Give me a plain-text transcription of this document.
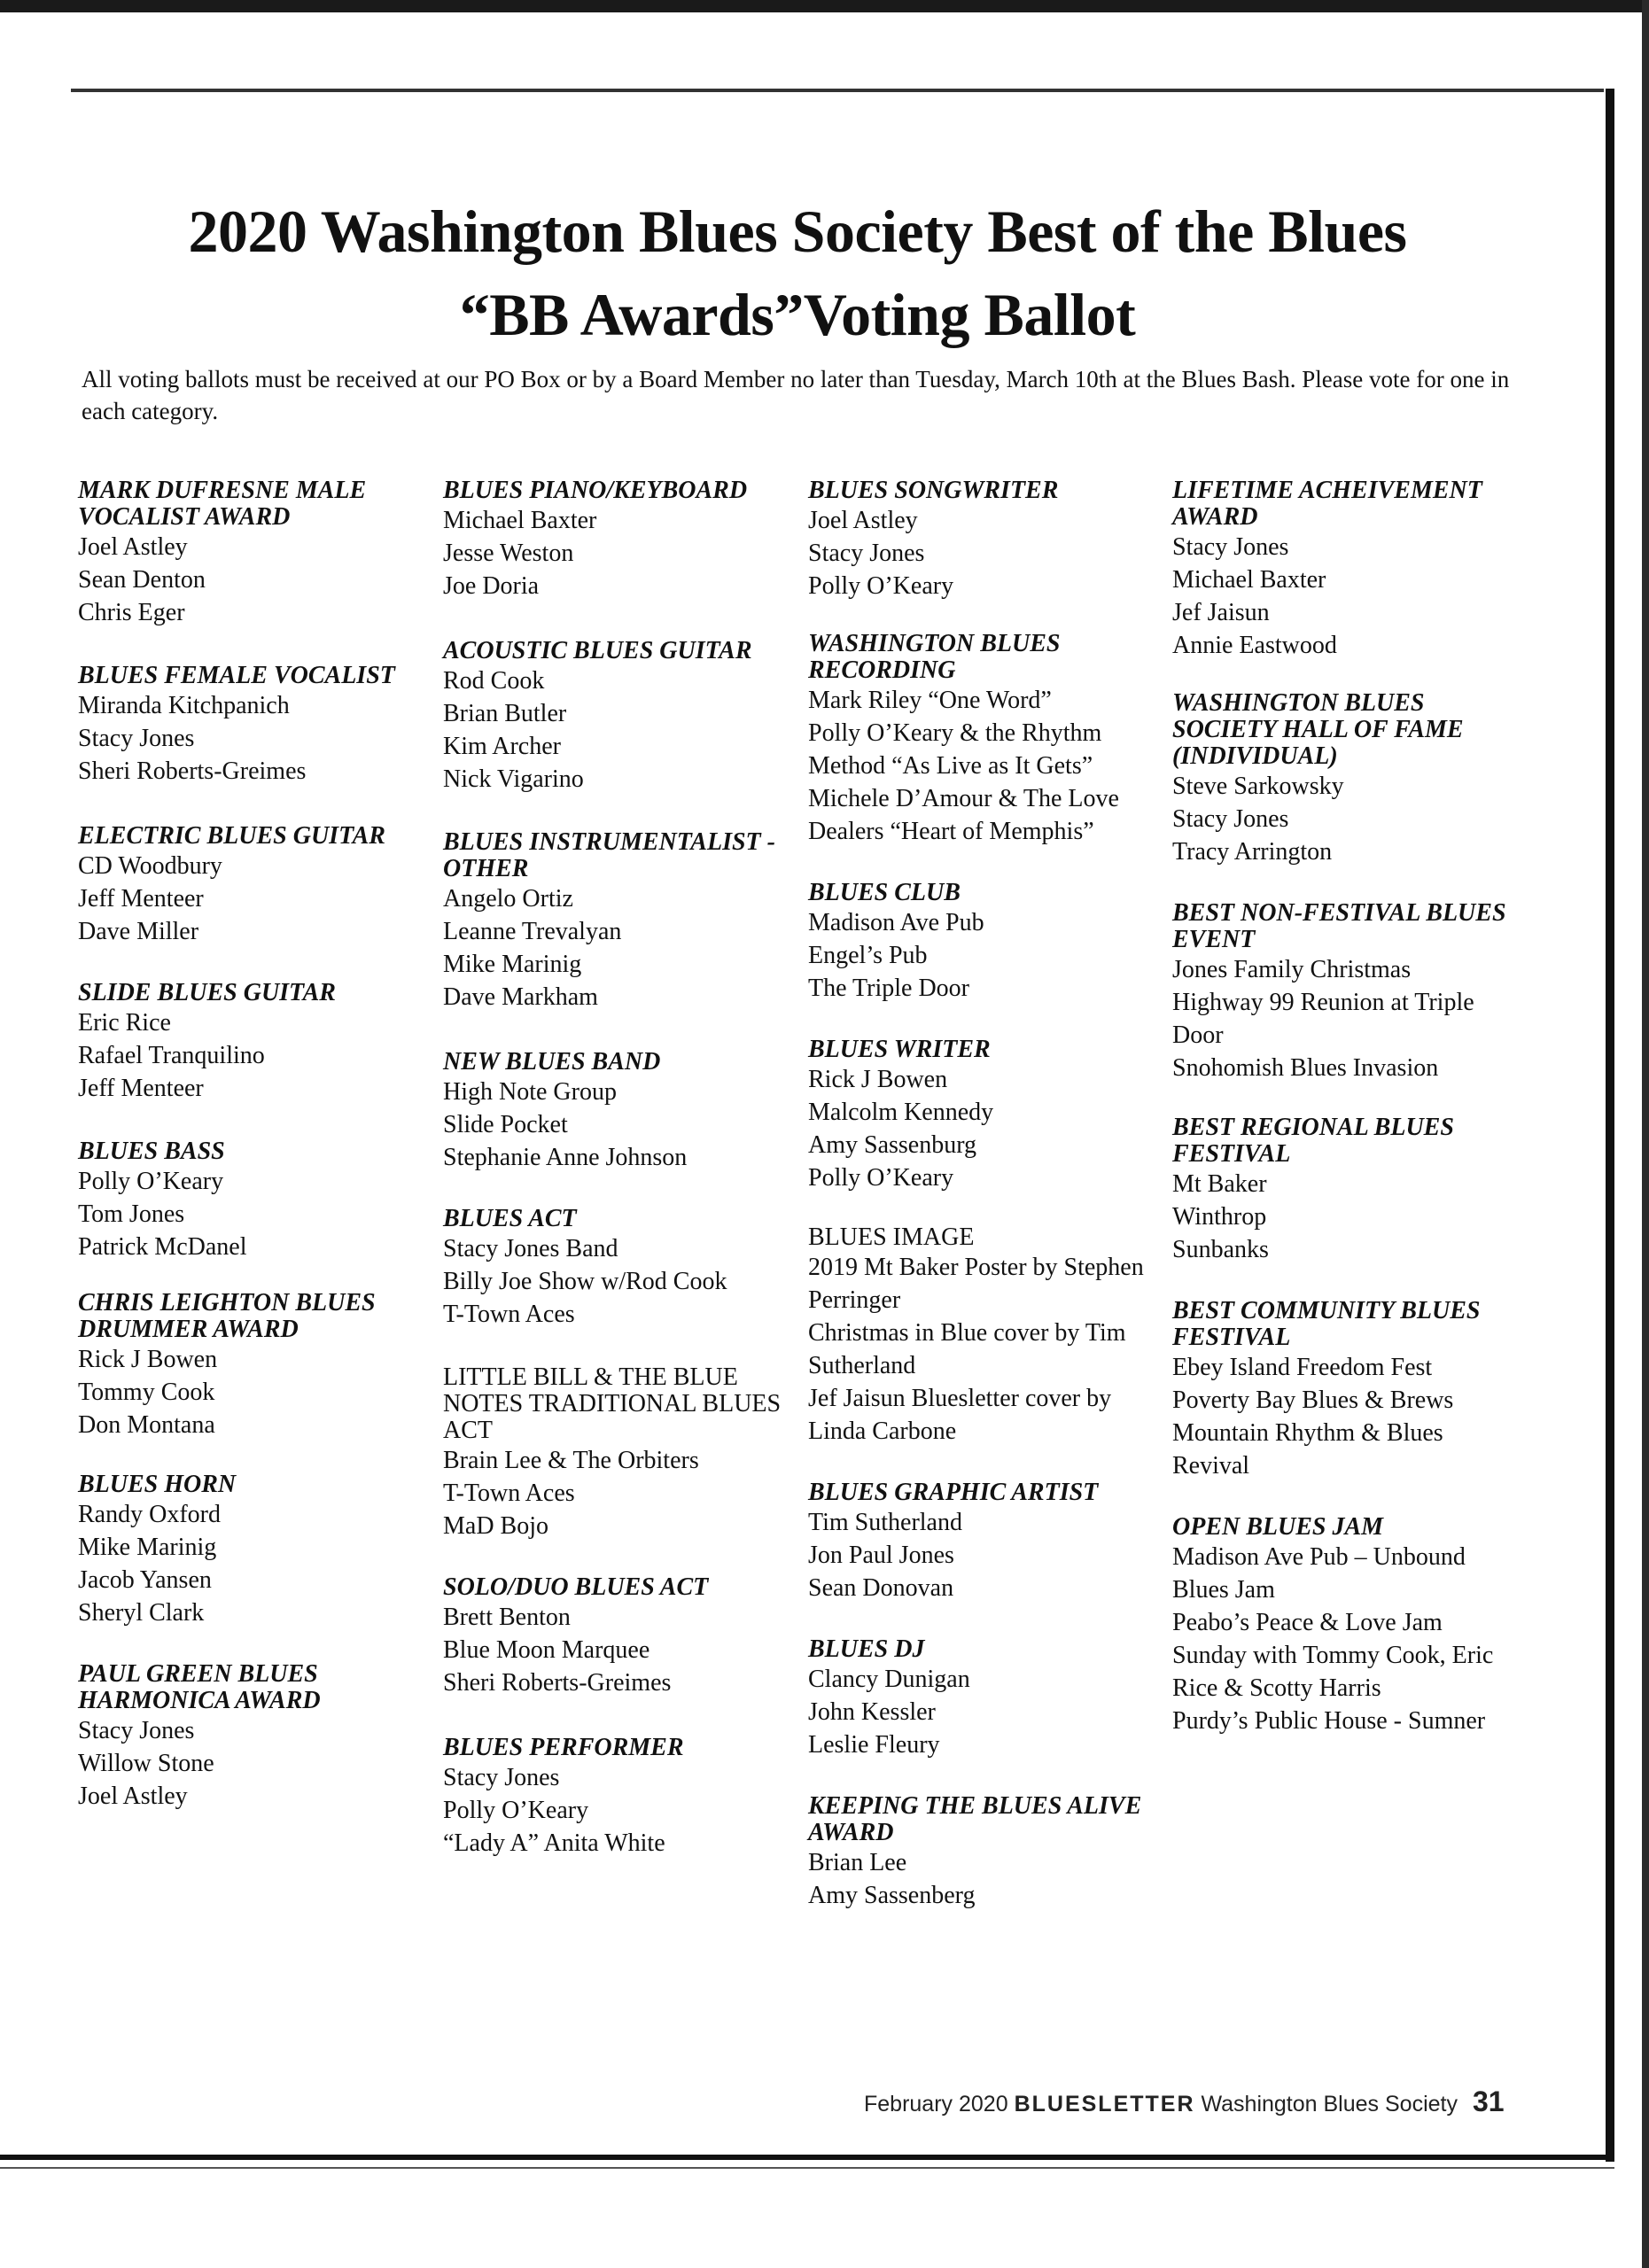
2020 Washington Blues Society Best of the Blues
“BB Awards”Voting Ballot
All voting ballots must be received at our PO Box or by a Board Member no later than Tuesday, March 10th at the Blues Bash. Please vote for one in each category.
MARK DUFRESNE MALE VOCALIST AWARD
Joel Astley
Sean Denton
Chris Eger
BLUES FEMALE VOCALIST
Miranda Kitchpanich
Stacy Jones
Sheri Roberts-Greimes
ELECTRIC BLUES GUITAR
CD Woodbury
Jeff Menteer
Dave Miller
SLIDE BLUES GUITAR
Eric Rice
Rafael Tranquilino
Jeff Menteer
BLUES BASS
Polly O’Keary
Tom Jones
Patrick McDanel
CHRIS LEIGHTON BLUES DRUMMER AWARD
Rick J Bowen
Tommy Cook
Don Montana
BLUES HORN
Randy Oxford
Mike Marinig
Jacob Yansen
Sheryl Clark
PAUL GREEN BLUES HARMONICA AWARD
Stacy Jones
Willow Stone
Joel Astley
BLUES PIANO/KEYBOARD
Michael Baxter
Jesse Weston
Joe Doria
ACOUSTIC BLUES GUITAR
Rod Cook
Brian Butler
Kim Archer
Nick Vigarino
BLUES INSTRUMENTALIST - OTHER
Angelo Ortiz
Leanne Trevalyan
Mike Marinig
Dave Markham
NEW BLUES BAND
High Note Group
Slide Pocket
Stephanie Anne Johnson
BLUES ACT
Stacy Jones Band
Billy Joe Show w/Rod Cook
T-Town Aces
LITTLE BILL & THE BLUE NOTES TRADITIONAL BLUES ACT
Brain Lee & The Orbiters
T-Town Aces
MaD Bojo
SOLO/DUO BLUES ACT
Brett Benton
Blue Moon Marquee
Sheri Roberts-Greimes
BLUES PERFORMER
Stacy Jones
Polly O’Keary
“Lady A” Anita White
BLUES SONGWRITER
Joel Astley
Stacy Jones
Polly O’Keary
WASHINGTON BLUES RECORDING
Mark Riley “One Word”
Polly O’Keary & the Rhythm Method “As Live as It Gets”
Michele D’Amour & The Love Dealers “Heart of Memphis”
BLUES CLUB
Madison Ave Pub
Engel’s Pub
The Triple Door
BLUES WRITER
Rick J Bowen
Malcolm Kennedy
Amy Sassenburg
Polly O’Keary
BLUES IMAGE
2019 Mt Baker Poster by Stephen Perringer
Christmas in Blue cover by Tim Sutherland
Jef Jaisun Bluesletter cover by Linda Carbone
BLUES GRAPHIC ARTIST
Tim Sutherland
Jon Paul Jones
Sean Donovan
BLUES DJ
Clancy Dunigan
John Kessler
Leslie Fleury
KEEPING THE BLUES ALIVE AWARD
Brian Lee
Amy Sassenberg
LIFETIME ACHEIVEMENT AWARD
Stacy Jones
Michael Baxter
Jef Jaisun
Annie Eastwood
WASHINGTON BLUES SOCIETY HALL OF FAME (INDIVIDUAL)
Steve Sarkowsky
Stacy Jones
Tracy Arrington
BEST NON-FESTIVAL BLUES EVENT
Jones Family Christmas
Highway 99 Reunion at Triple Door
Snohomish Blues Invasion
BEST REGIONAL BLUES FESTIVAL
Mt Baker
Winthrop
Sunbanks
BEST COMMUNITY BLUES FESTIVAL
Ebey Island Freedom Fest
Poverty Bay Blues & Brews
Mountain Rhythm & Blues Revival
OPEN BLUES JAM
Madison Ave Pub – Unbound Blues Jam
Peabo’s Peace & Love Jam Sunday with Tommy Cook, Eric Rice & Scotty Harris
Purdy’s Public House - Sumner
February 2020 BLUESLETTER Washington Blues Society 31
